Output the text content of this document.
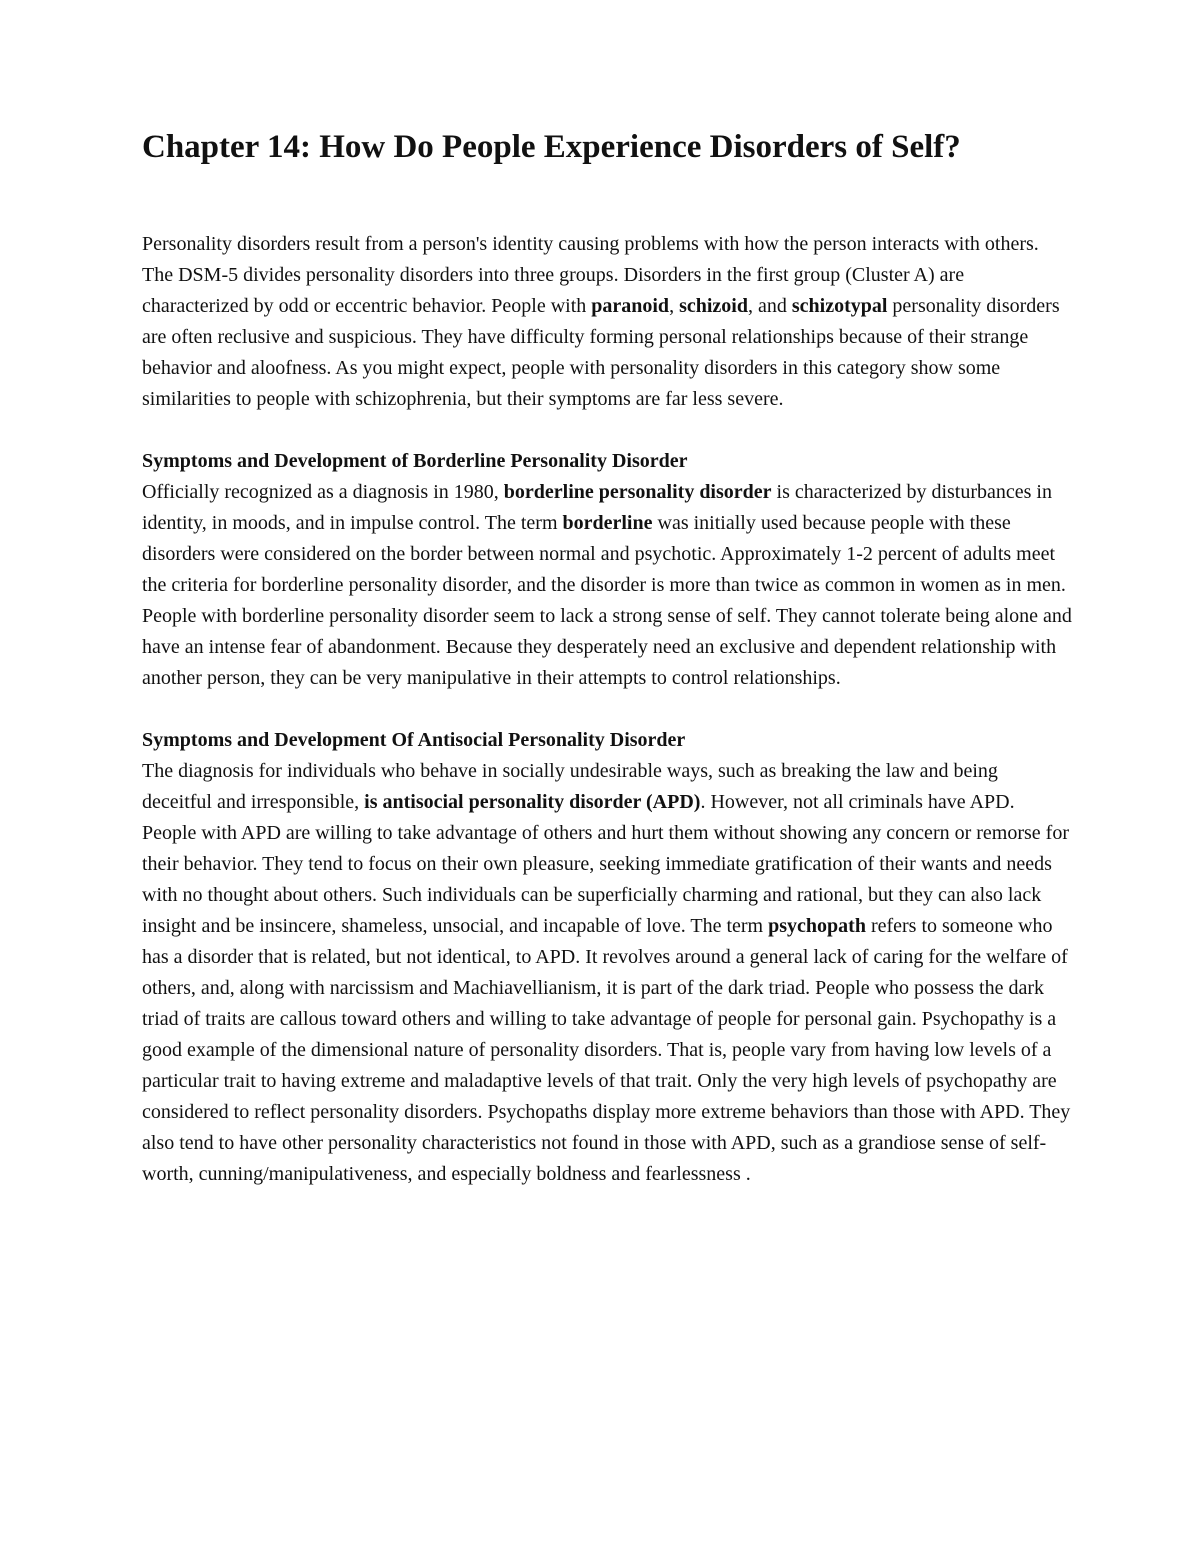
Chapter 14: How Do People Experience Disorders of Self?

Personality disorders result from a person's identity causing problems with how the person interacts with others. The DSM-5 divides personality disorders into three groups. Disorders in the first group (Cluster A) are characterized by odd or eccentric behavior. People with paranoid, schizoid, and schizotypal personality disorders are often reclusive and suspicious. They have difficulty forming personal relationships because of their strange behavior and aloofness. As you might expect, people with personality disorders in this category show some similarities to people with schizophrenia, but their symptoms are far less severe.

Symptoms and Development of Borderline Personality Disorder

Officially recognized as a diagnosis in 1980, borderline personality disorder is characterized by disturbances in identity, in moods, and in impulse control. The term borderline was initially used because people with these disorders were considered on the border between normal and psychotic. Approximately 1-2 percent of adults meet the criteria for borderline personality disorder, and the disorder is more than twice as common in women as in men. People with borderline personality disorder seem to lack a strong sense of self. They cannot tolerate being alone and have an intense fear of abandonment. Because they desperately need an exclusive and dependent relationship with another person, they can be very manipulative in their attempts to control relationships.

Symptoms and Development Of Antisocial Personality Disorder

The diagnosis for individuals who behave in socially undesirable ways, such as breaking the law and being deceitful and irresponsible, is antisocial personality disorder (APD). However, not all criminals have APD. People with APD are willing to take advantage of others and hurt them without showing any concern or remorse for their behavior. They tend to focus on their own pleasure, seeking immediate gratification of their wants and needs with no thought about others. Such individuals can be superficially charming and rational, but they can also lack insight and be insincere, shameless, unsocial, and incapable of love. The term psychopath refers to someone who has a disorder that is related, but not identical, to APD. It revolves around a general lack of caring for the welfare of others, and, along with narcissism and Machiavellianism, it is part of the dark triad. People who possess the dark triad of traits are callous toward others and willing to take advantage of people for personal gain. Psychopathy is a good example of the dimensional nature of personality disorders. That is, people vary from having low levels of a particular trait to having extreme and maladaptive levels of that trait. Only the very high levels of psychopathy are considered to reflect personality disorders. Psychopaths display more extreme behaviors than those with APD. They also tend to have other personality characteristics not found in those with APD, such as a grandiose sense of self-worth, cunning/manipulativeness, and especially boldness and fearlessness .
